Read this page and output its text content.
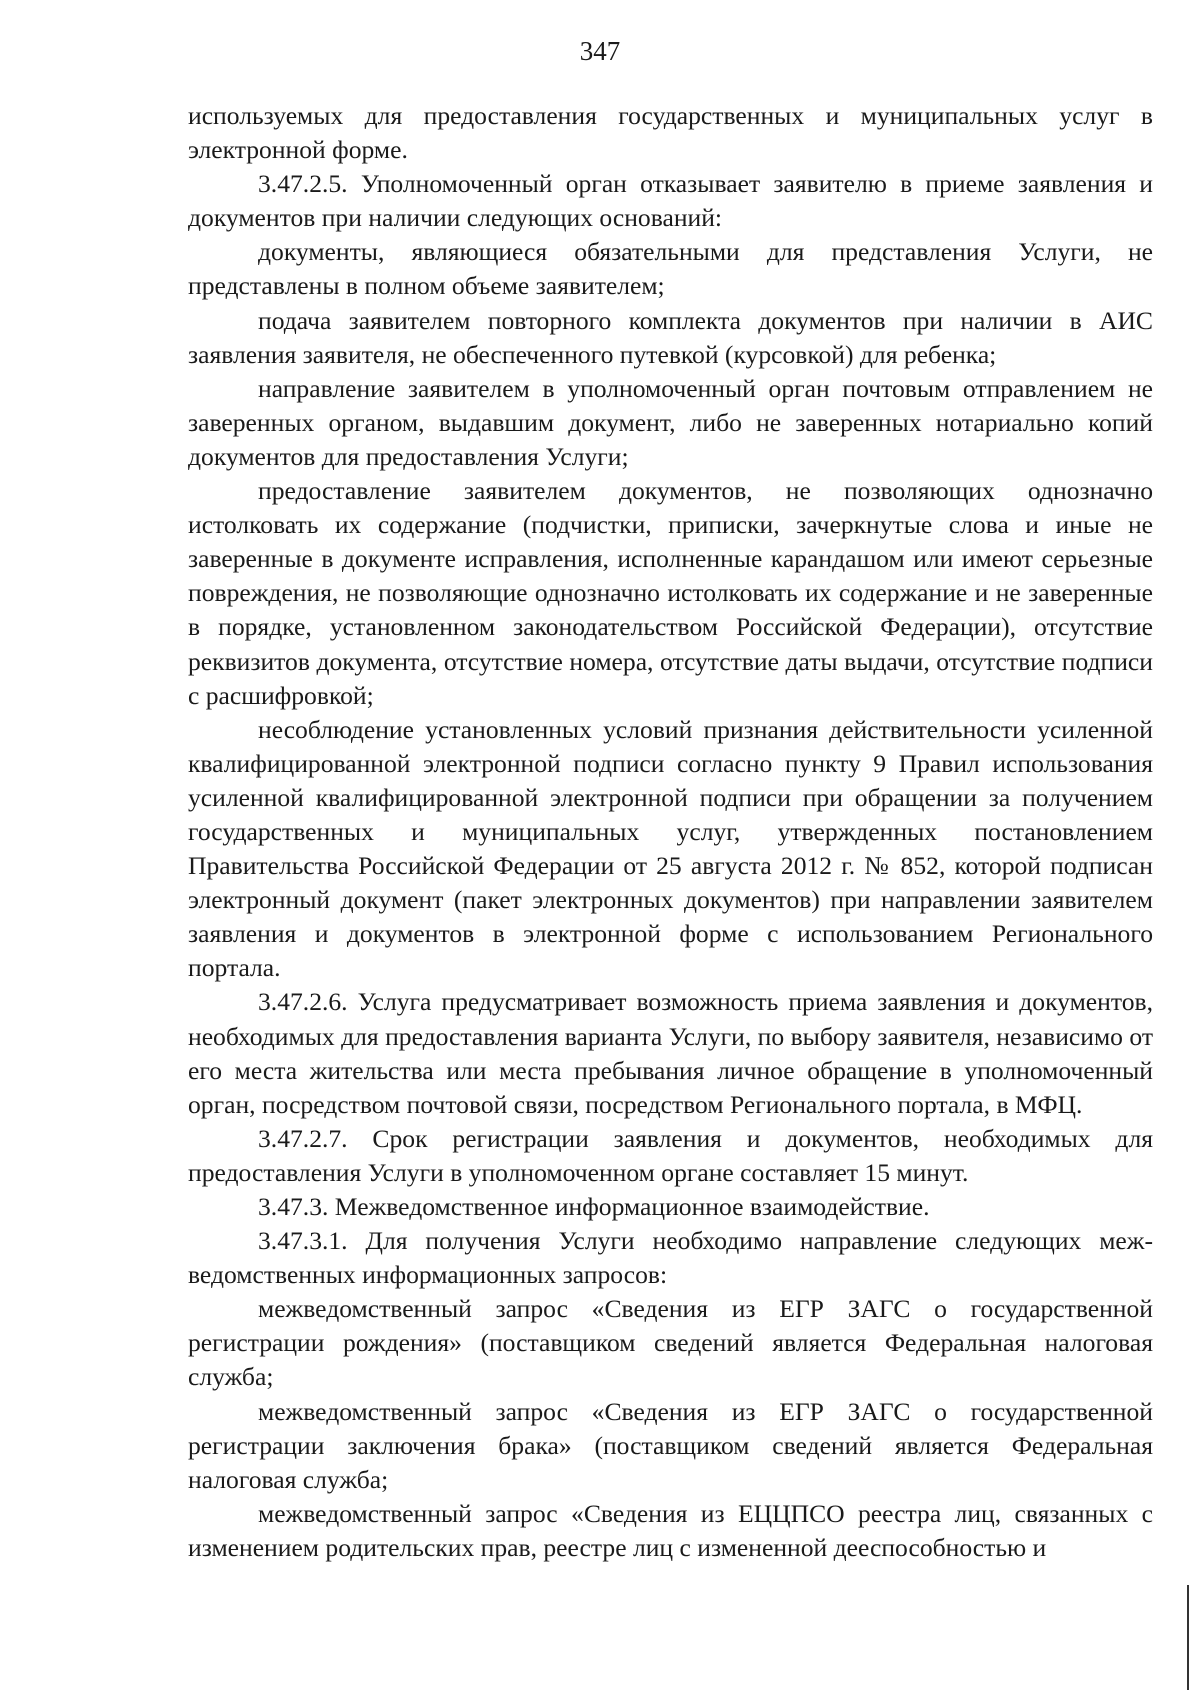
347

используемых для предоставления государственных и муниципальных услуг в электронной форме.

3.47.2.5. Уполномоченный орган отказывает заявителю в приеме заявления и документов при наличии следующих оснований:

документы, являющиеся обязательными для представления Услуги, не представлены в полном объеме заявителем;

подача заявителем повторного комплекта документов при наличии в АИС заявления заявителя, не обеспеченного путевкой (курсовкой) для ребенка;

направление заявителем в уполномоченный орган почтовым отправлением не заверенных органом, выдавшим документ, либо не заверенных нотариально копий документов для предоставления Услуги;

предоставление заявителем документов, не позволяющих однозначно истолковать их содержание (подчистки, приписки, зачеркнутые слова и иные не заверенные в документе исправления, исполненные карандашом или имеют серьезные повреждения, не позволяющие однозначно истолковать их содержание и не заверенные в порядке, установленном законодательством Российской Федерации), отсутствие реквизитов документа, отсутствие номера, отсутствие даты выдачи, отсутствие подписи с расшифровкой;

несоблюдение установленных условий признания действительности усиленной квалифицированной электронной подписи согласно пункту 9 Правил использования усиленной квалифицированной электронной подписи при обращении за получением государственных и муниципальных услуг, утвержденных постановлением Правительства Российской Федерации от 25 августа 2012 г. № 852, которой подписан электронный документ (пакет электронных документов) при направлении заявителем заявления и документов в электронной форме с использованием Регионального портала.

3.47.2.6. Услуга предусматривает возможность приема заявления и документов, необходимых для предоставления варианта Услуги, по выбору заявителя, независимо от его места жительства или места пребывания личное обращение в уполномоченный орган, посредством почтовой связи, посредством Регионального портала, в МФЦ.

3.47.2.7. Срок регистрации заявления и документов, необходимых для предоставления Услуги в уполномоченном органе составляет 15 минут.

3.47.3. Межведомственное информационное взаимодействие.

3.47.3.1. Для получения Услуги необходимо направление следующих межведомственных информационных запросов:

межведомственный запрос «Сведения из ЕГР ЗАГС о государственной регистрации рождения» (поставщиком сведений является Федеральная налоговая служба;

межведомственный запрос «Сведения из ЕГР ЗАГС о государственной регистрации заключения брака» (поставщиком сведений является Федеральная налоговая служба;

межведомственный запрос «Сведения из ЕЦЦПСО реестра лиц, связанных с изменением родительских прав, реестре лиц с измененной дееспособностью и
